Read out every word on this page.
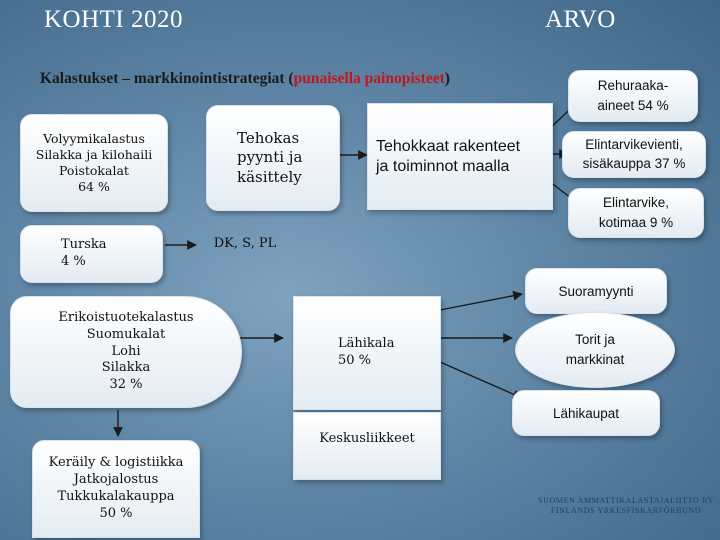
KOHTI 2020	ARVO
Kalastukset – markkinointistrategiat (punaisella painopisteet)
Volyymikalastus
Silakka ja kilohaili
Poistokalat
64 %
Tehokas
pyynti ja
käsittely
Tehokkaat rakenteet
ja toiminnot maalla
Rehuraaka-
aineet 54 %
Elintarvikevienti,
sisäkauppa 37 %
Elintarvike,
kotimaa 9 %
Turska
4 %
DK, S, PL
Suoramyynti
Erikoistuotekalastus
Suomukalat
Lohi
Silakka
32 %
Lähikala
50 %
Torit ja
markkinat
Lähikaupat
Keskusliikkeet
Keräily & logistiikka
Jatkojalostus
Tukkukalakauppa
50 %
SUOMEN AMMATTIKALASTAJALIITTO RY
FINLANDS YRKESFISKARFÖRBUND
